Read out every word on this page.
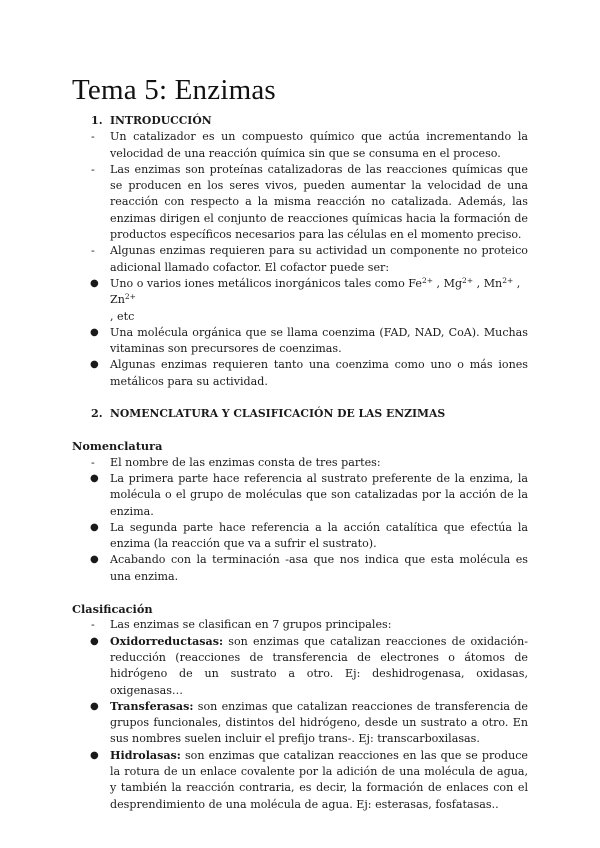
Tema 5: Enzimas
1. INTRODUCCIÓN
-	Un catalizador es un compuesto químico que actúa incrementando la velocidad de una reacción química sin que se consuma en el proceso.
-	Las enzimas son proteínas catalizadoras de las reacciones químicas que se producen en los seres vivos, pueden aumentar la velocidad de una reacción con respecto a la misma reacción no catalizada. Además, las enzimas dirigen el conjunto de reacciones químicas hacia la formación de productos específicos necesarios para las células en el momento preciso.
-	Algunas enzimas requieren para su actividad un componente no proteico adicional llamado cofactor. El cofactor puede ser:
●	Uno o varios iones metálicos inorgánicos tales como $Fe^{2+}$ , $Mg^{2+}$ , $Mn^{2+}$ , $Zn^{2+}$
, etc
●	Una molécula orgánica que se llama coenzima (FAD, NAD, CoA). Muchas vitaminas son precursores de coenzimas.
●	Algunas enzimas requieren tanto una coenzima como uno o más iones metálicos para su actividad.
2. NOMENCLATURA Y CLASIFICACIÓN DE LAS ENZIMAS
Nomenclatura
-	El nombre de las enzimas consta de tres partes:
●	La primera parte hace referencia al sustrato preferente de la enzima, la molécula o el grupo de moléculas que son catalizadas por la acción de la enzima.
●	La segunda parte hace referencia a la acción catalítica que efectúa la enzima (la reacción que va a sufrir el sustrato).
●	Acabando con la terminación -asa que nos indica que esta molécula es una enzima.
Clasificación
-	Las enzimas se clasifican en 7 grupos principales:
●	Oxidorreductasas: son enzimas que catalizan reacciones de oxidación-reducción (reacciones de transferencia de electrones o átomos de hidrógeno de un sustrato a otro. Ej: deshidrogenasa, oxidasas, oxigenasas…
●	Transferasas: son enzimas que catalizan reacciones de transferencia de grupos funcionales, distintos del hidrógeno, desde un sustrato a otro. En sus nombres suelen incluir el prefijo trans-. Ej: transcarboxilasas.
●	Hidrolasas: son enzimas que catalizan reacciones en las que se produce la rotura de un enlace covalente por la adición de una molécula de agua, y también la reacción contraria, es decir, la formación de enlaces con el desprendimiento de una molécula de agua. Ej: esterasas, fosfatasas..
